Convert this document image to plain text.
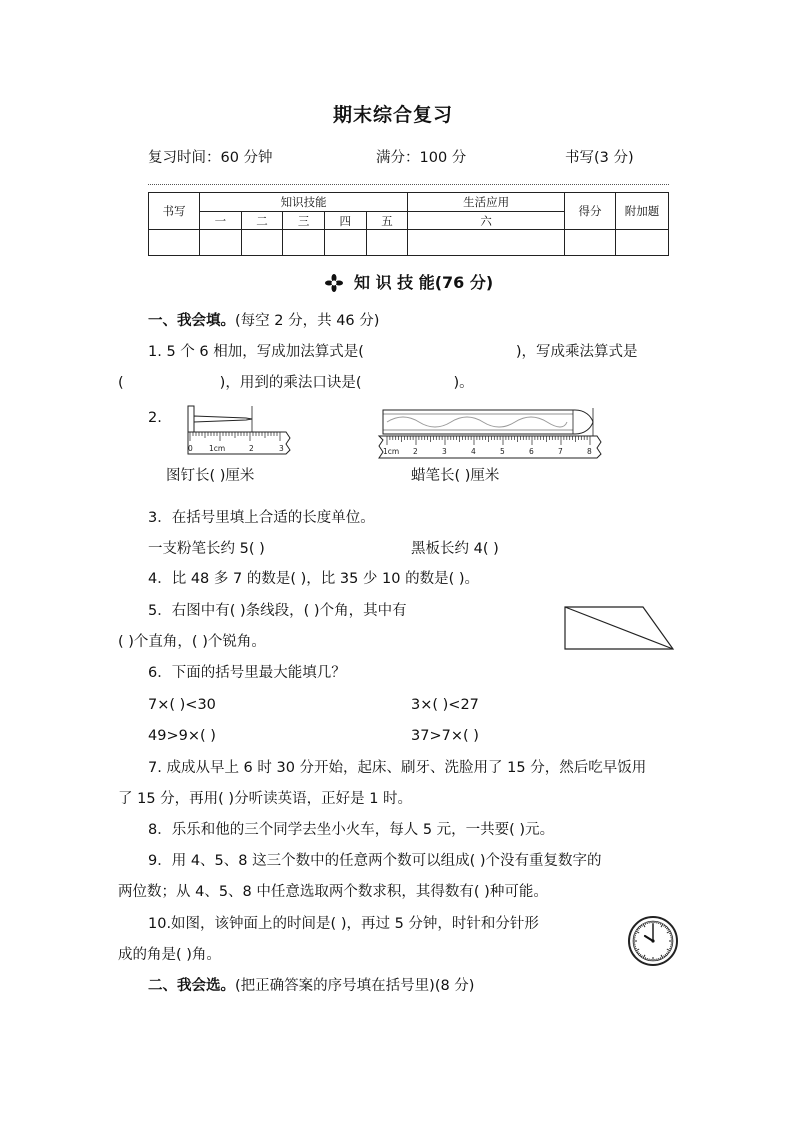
期末综合复习
复习时间：60 分钟	满分：100 分	书写(3 分)
书写	知识技能					生活应用	得分	附加题
	一	二	三	四	五	六		

知 识 技 能(76 分)
一、我会填。(每空 2 分，共 46 分)
1. 5 个 6 相加，写成加法算式是(	)，写成乘法算式是
(	)，用到的乘法口诀是(	)。
2.
0 1cm	2	3
图钉长( )厘米
1cm 2	3	4	5	6	7	8
蜡笔长( )厘米
3．在括号里填上合适的长度单位。
一支粉笔长约 5( )	黑板长约 4( )
4．比 48 多 7 的数是( )，比 35 少 10 的数是( )。
5．右图中有( )条线段，( )个角，其中有
( )个直角，( )个锐角。
6．下面的括号里最大能填几？
7×( )<30	3×( )<27
49>9×( )	37>7×( )
7. 成成从早上 6 时 30 分开始，起床、刷牙、洗脸用了 15 分，然后吃早饭用
了 15 分，再用( )分听读英语，正好是 1 时。
8．乐乐和他的三个同学去坐小火车，每人 5 元，一共要( )元。
9．用 4、5、8 这三个数中的任意两个数可以组成( )个没有重复数字的
两位数；从 4、5、8 中任意选取两个数求积，其得数有( )种可能。
10.如图，该钟面上的时间是( )，再过 5 分钟，时针和分针形
成的角是( )角。
二、我会选。(把正确答案的序号填在括号里)(8 分)
